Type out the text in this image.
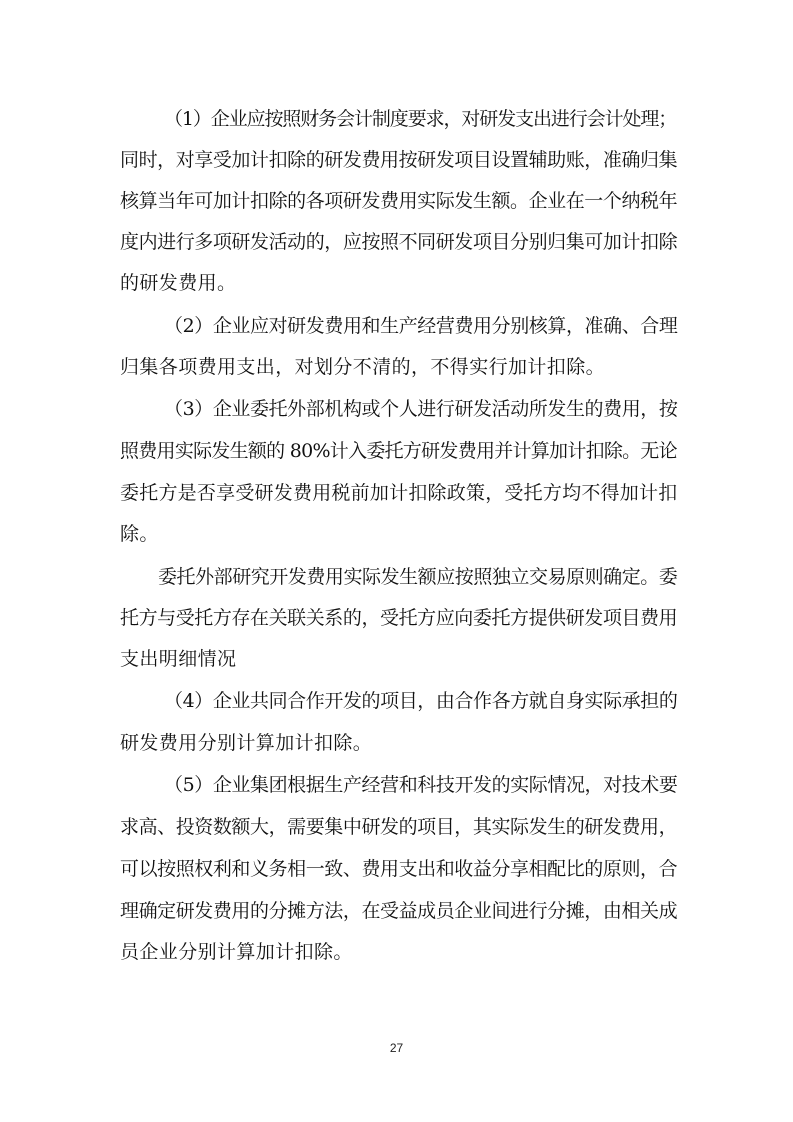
（1）企业应按照财务会计制度要求，对研发支出进行会计处理；
同时，对享受加计扣除的研发费用按研发项目设置辅助账，准确归集
核算当年可加计扣除的各项研发费用实际发生额。企业在一个纳税年
度内进行多项研发活动的，应按照不同研发项目分别归集可加计扣除
的研发费用。
（2）企业应对研发费用和生产经营费用分别核算，准确、合理
归集各项费用支出，对划分不清的，不得实行加计扣除。
（3）企业委托外部机构或个人进行研发活动所发生的费用，按
照费用实际发生额的 80%计入委托方研发费用并计算加计扣除。无论
委托方是否享受研发费用税前加计扣除政策，受托方均不得加计扣
除。
委托外部研究开发费用实际发生额应按照独立交易原则确定。委
托方与受托方存在关联关系的，受托方应向委托方提供研发项目费用
支出明细情况
（4）企业共同合作开发的项目，由合作各方就自身实际承担的
研发费用分别计算加计扣除。
（5）企业集团根据生产经营和科技开发的实际情况，对技术要
求高、投资数额大，需要集中研发的项目，其实际发生的研发费用，
可以按照权利和义务相一致、费用支出和收益分享相配比的原则，合
理确定研发费用的分摊方法，在受益成员企业间进行分摊，由相关成
员企业分别计算加计扣除。
27
